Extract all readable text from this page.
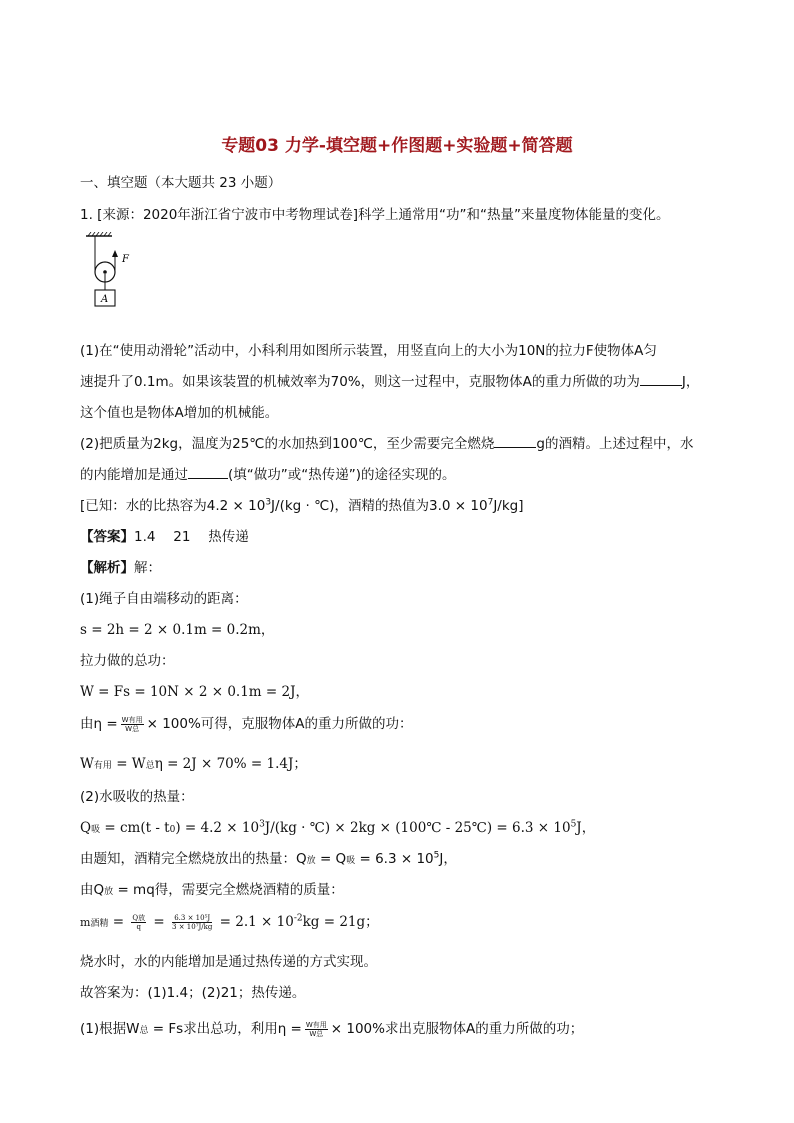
专题03 力学-填空题+作图题+实验题+简答题
一、填空题（本大题共 23 小题）
1. [来源：2020年浙江省宁波市中考物理试卷]科学上通常用“功”和“热量”来量度物体能量的变化。
F
A
(1)在“使用动滑轮”活动中，小科利用如图所示装置，用竖直向上的大小为10N的拉力F使物体A匀
速提升了0.1m。如果该装置的机械效率为70%，则这一过程中，克服物体A的重力所做的功为	J，
这个值也是物体A增加的机械能。
(2)把质量为2kg，温度为25℃的水加热到100℃，至少需要完全燃烧	g的酒精。上述过程中，水
的内能增加是通过	(填“做功”或“热传递”)的途径实现的。
[已知：水的比热容为$4.2 \times 10^3J/(kg$ · ℃)，酒精的热值为$3.0 \times 10^7J/kg$]
【答案】1.4　 21　 热传递
【解析】解：
(1)绳子自由端移动的距离：
s = 2h = 2 × 0.1m = 0.2m，
拉力做的总功：
W = Fs = 10N × 2 × 0.1m = 2J，
由$\eta = \frac{\text{W有用}}{\text{W总}} \times 100\%$可得，克服物体A的重力所做的功：
W有用 = W总η = 2J × 70% = 1.4J；
(2)水吸收的热量：
Q吸 = $cm(t - t0) = 4.2 \times 10^3J/(kg$ · ℃) × 2kg × (100℃ - 25℃) = $6.3 \times 10^5J$，
由题知，酒精完全燃烧放出的热量：Q放 = Q吸 = $6.3 \times 10^5J$，
由Q放 = mq得，需要完全燃烧酒精的质量：
m酒精 = $\frac{\text{Q放}}{q} = \frac{\text{6.3 × 10⁵J}}{\text{3 × 10⁷J/kg}} = 2.1 \times 10^{-2}kg = 21g$；
烧水时，水的内能增加是通过热传递的方式实现。
故答案为：(1)1.4；(2)21；热传递。
(1)根据W总 = Fs求出总功，利用$\eta = \frac{\text{W有用}}{\text{W总}} \times 100\%$求出克服物体A的重力所做的功；
